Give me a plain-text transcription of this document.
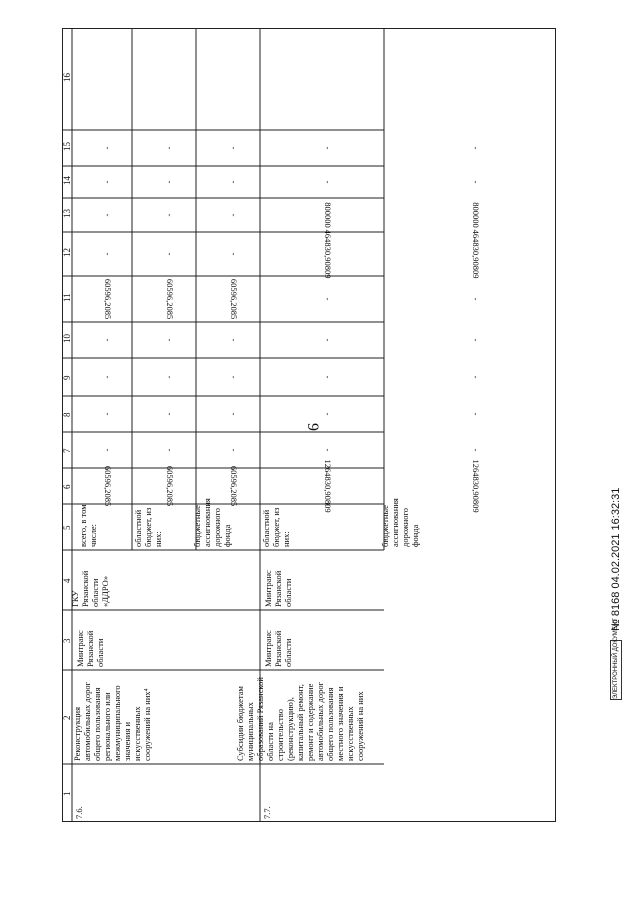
9
1
2
3
4
5
6
7
8
9
10
11
12
13
14
15
16
7.6.
Реконструкция автомобильных дорог общего пользования регионального или межмуниципального значения и искусственных сооружений на них⁴
Минтранс Рязанской области
ГКУ Рязанской области «ДДРО»
всего, в том числе:
60596,2085
-
-
-
-
60596,2085
-
-
-
-
областной бюджет, из них:
60596,2085
-
-
-
-
60596,2085
-
-
-
-
бюджетные ассигнования дорожного фонда
60596,2085
-
-
-
-
60596,2085
-
-
-
-
7.7.
Субсидии бюджетам муниципальных образований Рязанской области на строительство (реконструкцию), капитальный ремонт, ремонт и содержание автомобильных дорог общего пользования местного значения и искусственных сооружений на них
Минтранс Рязанской области
Минтранс Рязанской области
областной бюджет, из них:
1264830,90809
-
-
-
-
-
464830,90809
800000
-
-
бюджетные ассигнования дорожного фонда
1264830,90809
-
-
-
-
-
464830,90809
800000
-
-
ЭЛЕКТРОННЫЙ ДОКУМЕНТ № 8168 04.02.2021 16:32:31
